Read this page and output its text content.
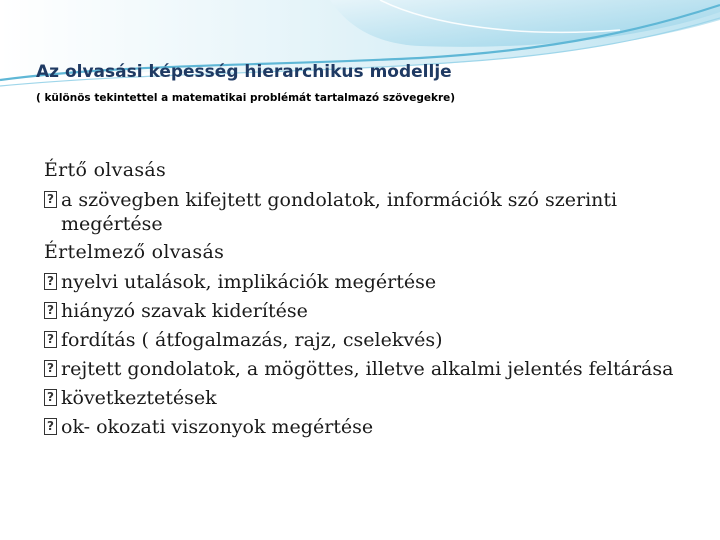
Az olvasási képesség hierarchikus modellje

( különös tekintettel a matematikai problémát tartalmazó szövegekre)

Értő olvasás
?
a szövegben kifejtett gondolatok, információk szó szerinti megértése
Értelmező olvasás
?
nyelvi utalások, implikációk megértése
?
hiányzó szavak kiderítése
?
fordítás ( átfogalmazás, rajz, cselekvés)
?
rejtett gondolatok, a mögöttes, illetve alkalmi jelentés feltárása
?
következtetések
?
ok- okozati viszonyok megértése
